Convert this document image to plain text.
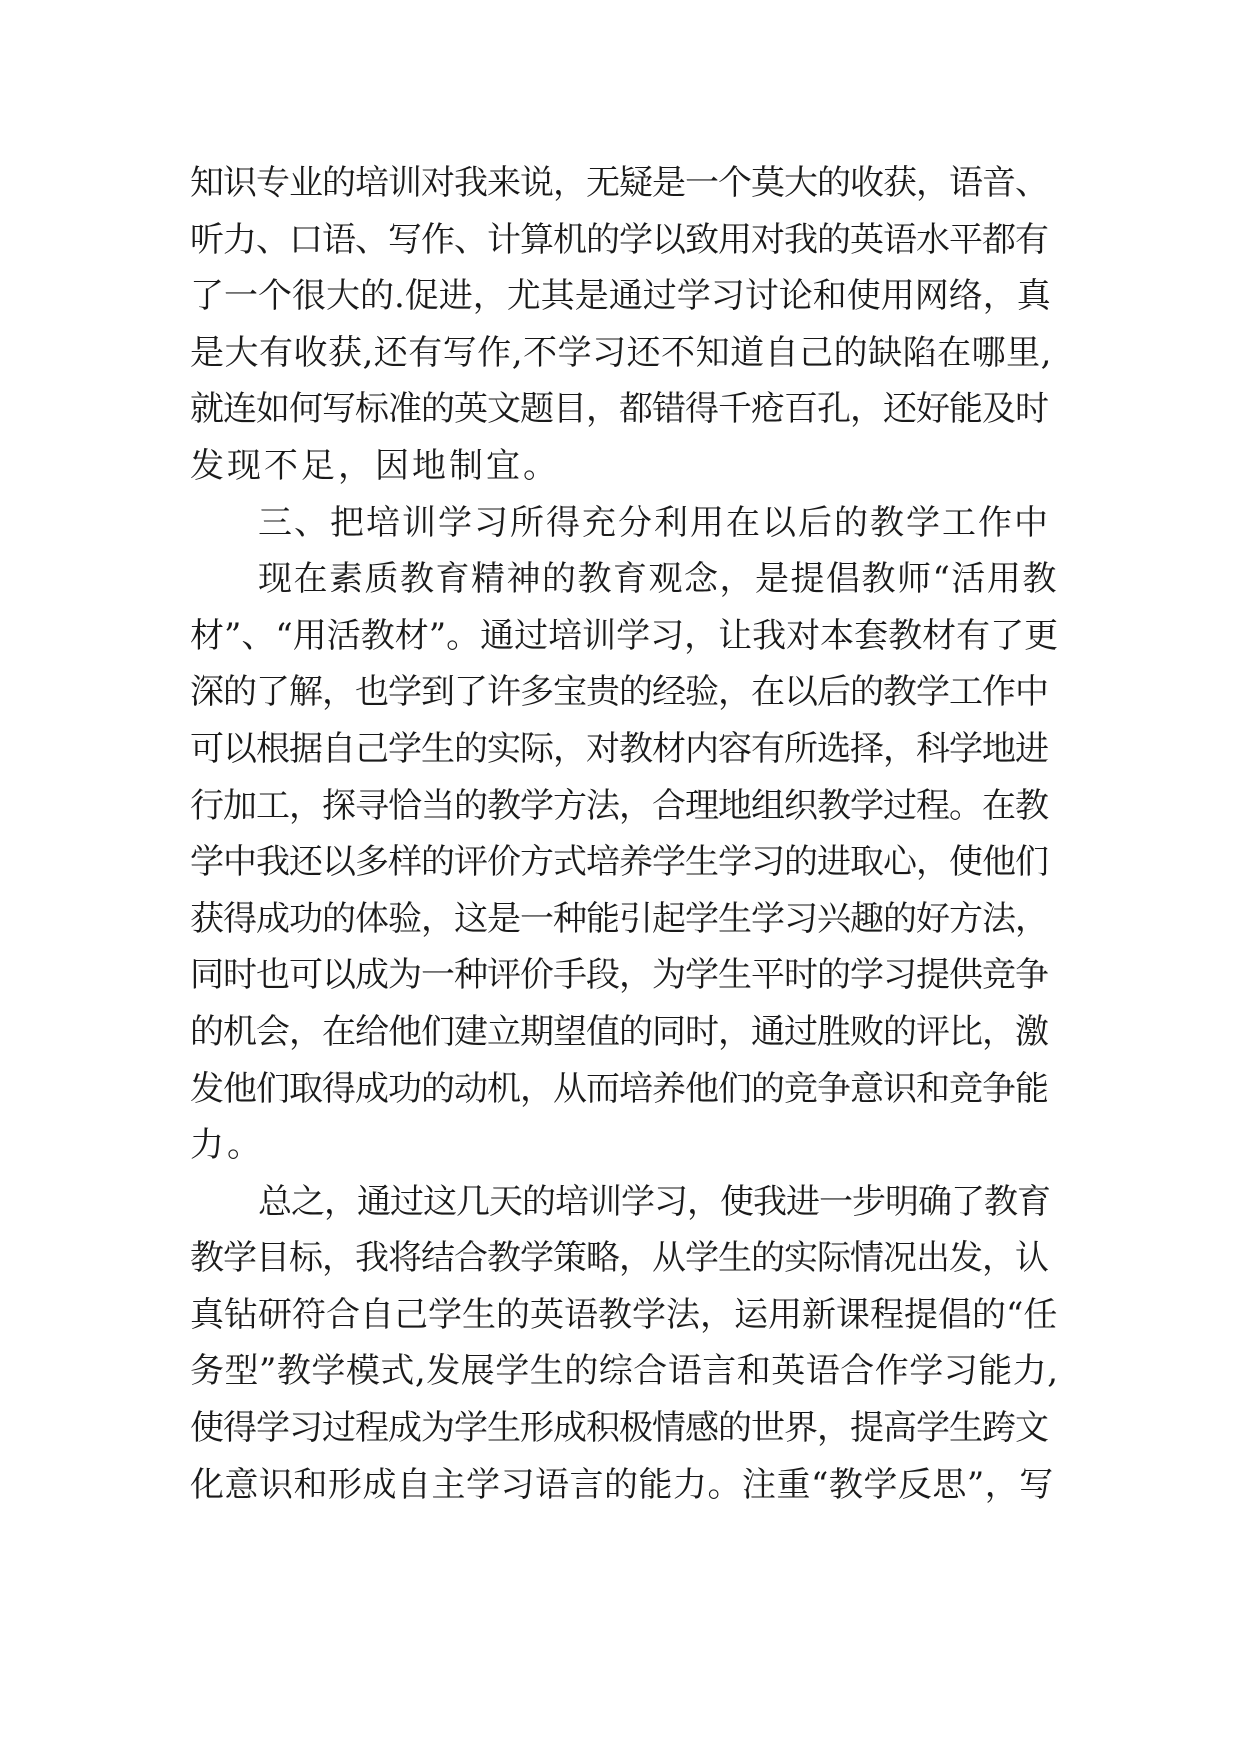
知识专业的培训对我来说，无疑是一个莫大的收获，语音、
听力、口语、写作、计算机的学以致用对我的英语水平都有
了一个很大的.促进，尤其是通过学习讨论和使用网络，真
是大有收获,还有写作,不学习还不知道自己的缺陷在哪里,
就连如何写标准的英文题目，都错得千疮百孔，还好能及时
发现不足，因地制宜。
三、把培训学习所得充分利用在以后的教学工作中
现在素质教育精神的教育观念，是提倡教师“活用教
材”、“用活教材”。通过培训学习，让我对本套教材有了更
深的了解，也学到了许多宝贵的经验，在以后的教学工作中
可以根据自己学生的实际，对教材内容有所选择，科学地进
行加工，探寻恰当的教学方法，合理地组织教学过程。在教
学中我还以多样的评价方式培养学生学习的进取心，使他们
获得成功的体验，这是一种能引起学生学习兴趣的好方法，
同时也可以成为一种评价手段，为学生平时的学习提供竞争
的机会，在给他们建立期望值的同时，通过胜败的评比，激
发他们取得成功的动机，从而培养他们的竞争意识和竞争能
力。
总之，通过这几天的培训学习，使我进一步明确了教育
教学目标，我将结合教学策略，从学生的实际情况出发，认
真钻研符合自己学生的英语教学法，运用新课程提倡的“任
务型”教学模式,发展学生的综合语言和英语合作学习能力,
使得学习过程成为学生形成积极情感的世界，提高学生跨文
化意识和形成自主学习语言的能力。注重“教学反思”，写
